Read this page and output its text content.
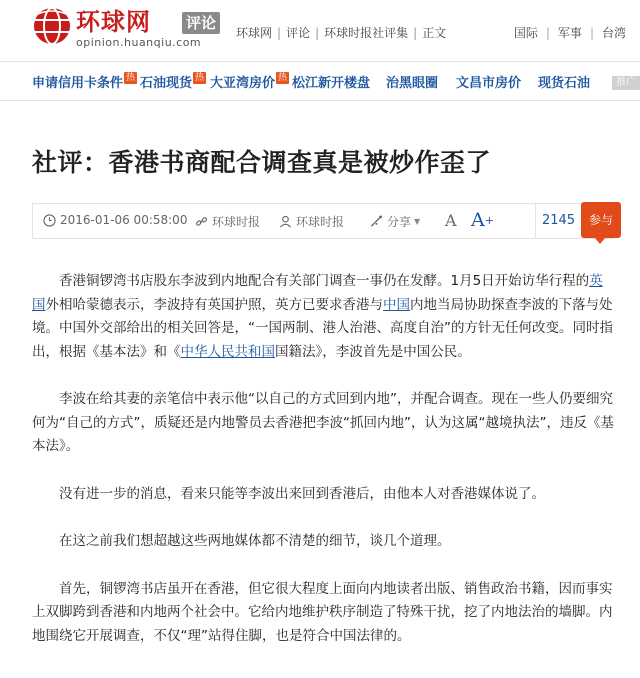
环球网 评论
opinion.huanqiu.com
环球网 | 评论 | 环球时报社评集 | 正文	国际 | 军事 | 台湾
申请信用卡条件 热 石油现货 热 大亚湾房价 热 松江新开楼盘 治黑眼圈 文昌市房价 现货石油	推广
社评：香港书商配合调查真是被炒作歪了
2016-01-06 00:58:00 环球时报	环球时报	分享 ▼ A A +	2145	参与

香港铜锣湾书店股东李波到内地配合有关部门调查一事仍在发酵。1月5日开始访华行程的英国外相哈蒙德表示，李波持有英国护照，英方已要求香港与中国内地当局协助探查李波的下落与处境。中国外交部给出的相关回答是，“一国两制、港人治港、高度自治”的方针无任何改变。同时指出，根据《基本法》和《中华人民共和国国籍法》，李波首先是中国公民。

李波在给其妻的亲笔信中表示他“以自己的方式回到内地”，并配合调查。现在一些人仍要细究何为“自己的方式”，质疑还是内地警员去香港把李波“抓回内地”，认为这属“越境执法”，违反《基本法》。

没有进一步的消息，看来只能等李波出来回到香港后，由他本人对香港媒体说了。

在这之前我们想超越这些两地媒体都不清楚的细节，谈几个道理。

首先，铜锣湾书店虽开在香港，但它很大程度上面向内地读者出版、销售政治书籍，因而事实上双脚跨到香港和内地两个社会中。它给内地维护秩序制造了特殊干扰，挖了内地法治的墙脚。内地围绕它开展调查，不仅“理”站得住脚，也是符合中国法律的。
